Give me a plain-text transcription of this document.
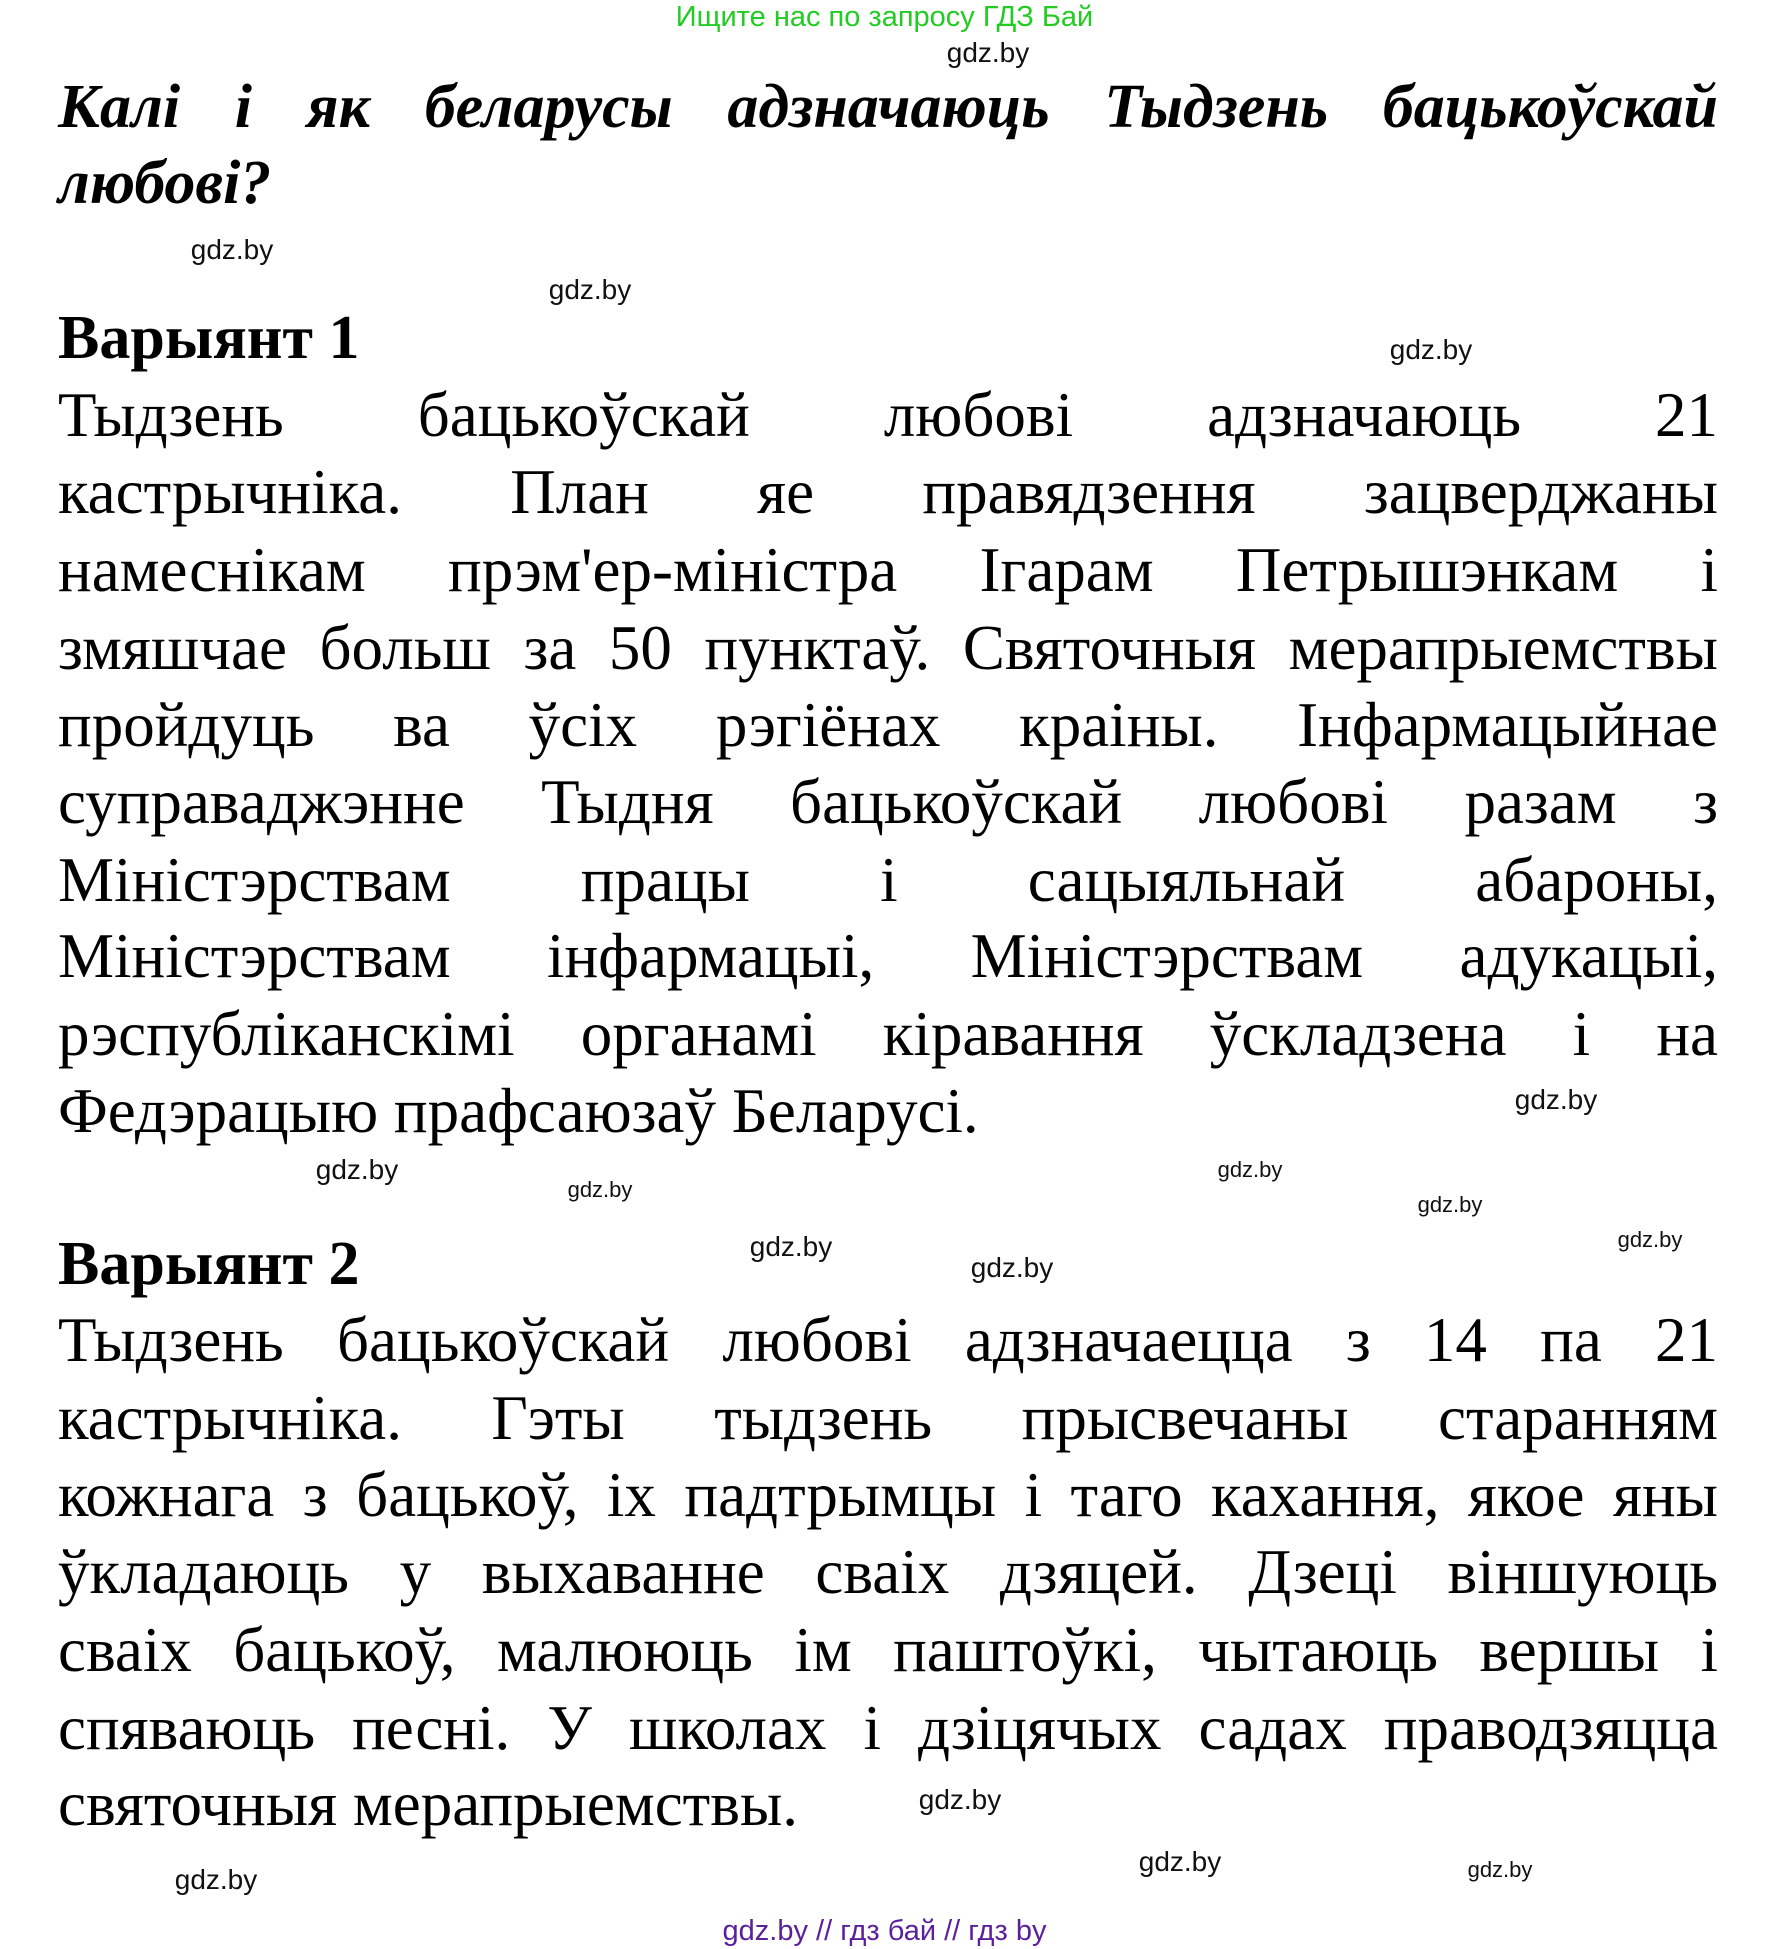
Ищите нас по запросу ГДЗ Бай
Калі і як беларусы адзначаюць Тыдзень бацькоўскай
любові?
Варыянт 1
Тыдзень бацькоўскай любові адзначаюць 21
кастрычніка. План яе правядзення зацверджаны
намеснікам прэм'ер-міністра Ігарам Петрышэнкам і
змяшчае больш за 50 пунктаў. Святочныя мерапрыемствы
пройдуць ва ўсіх рэгіёнах краіны. Інфармацыйнае
суправаджэнне Тыдня бацькоўскай любові разам з
Міністэрствам працы і сацыяльнай абароны,
Міністэрствам інфармацыі, Міністэрствам адукацыі,
рэспубліканскімі органамі кіравання ўскладзена і на
Федэрацыю прафсаюзаў Беларусі.
Варыянт 2
Тыдзень бацькоўскай любові адзначаецца з 14 па 21
кастрычніка. Гэты тыдзень прысвечаны старанням
кожнага з бацькоў, іх падтрымцы і таго кахання, якое яны
ўкладаюць у выхаванне сваіх дзяцей. Дзеці віншуюць
сваіх бацькоў, малююць ім паштоўкі, чытаюць вершы і
спяваюць песні. У школах і дзіцячых садах праводзяцца
святочныя мерапрыемствы.
gdz.by
gdz.by
gdz.by
gdz.by
gdz.by
gdz.by
gdz.by
gdz.by
gdz.by
gdz.by
gdz.by
gdz.by
gdz.by
gdz.by
gdz.by
gdz.by
gdz.by // гдз бай // гдз by
